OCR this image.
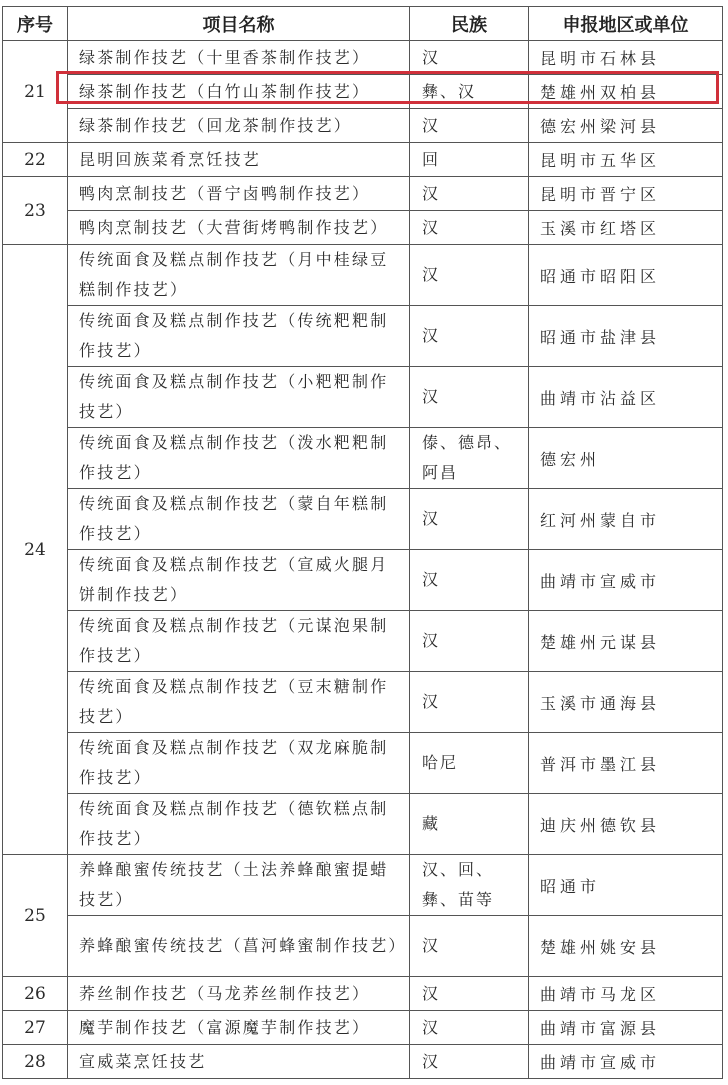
序号	项目名称	民族	申报地区或单位
21	绿茶制作技艺（十里香茶制作技艺）	汉	昆明市石林县
	绿茶制作技艺（白竹山茶制作技艺）	彝、汉	楚雄州双柏县
	绿茶制作技艺（回龙茶制作技艺）	汉	德宏州梁河县
22	昆明回族菜肴烹饪技艺	回	昆明市五华区
23	鸭肉烹制技艺（晋宁卤鸭制作技艺）	汉	昆明市晋宁区
	鸭肉烹制技艺（大营街烤鸭制作技艺）	汉	玉溪市红塔区
24	传统面食及糕点制作技艺（月中桂绿豆糕制作技艺）	汉	昭通市昭阳区
	传统面食及糕点制作技艺（传统粑粑制作技艺）	汉	昭通市盐津县
	传统面食及糕点制作技艺（小粑粑制作技艺）	汉	曲靖市沾益区
	传统面食及糕点制作技艺（泼水粑粑制作技艺）	傣、德昂、阿昌	德宏州
	传统面食及糕点制作技艺（蒙自年糕制作技艺）	汉	红河州蒙自市
	传统面食及糕点制作技艺（宣威火腿月饼制作技艺）	汉	曲靖市宣威市
	传统面食及糕点制作技艺（元谋泡果制作技艺）	汉	楚雄州元谋县
	传统面食及糕点制作技艺（豆末糖制作技艺）	汉	玉溪市通海县
	传统面食及糕点制作技艺（双龙麻脆制作技艺）	哈尼	普洱市墨江县
	传统面食及糕点制作技艺（德钦糕点制作技艺）	藏	迪庆州德钦县
25	养蜂酿蜜传统技艺（土法养蜂酿蜜提蜡技艺）	汉、回、彝、苗等	昭通市
	养蜂酿蜜传统技艺（菖河蜂蜜制作技艺）	汉	楚雄州姚安县
26	荞丝制作技艺（马龙荞丝制作技艺）	汉	曲靖市马龙区
27	魔芋制作技艺（富源魔芋制作技艺）	汉	曲靖市富源县
28	宣威菜烹饪技艺	汉	曲靖市宣威市
